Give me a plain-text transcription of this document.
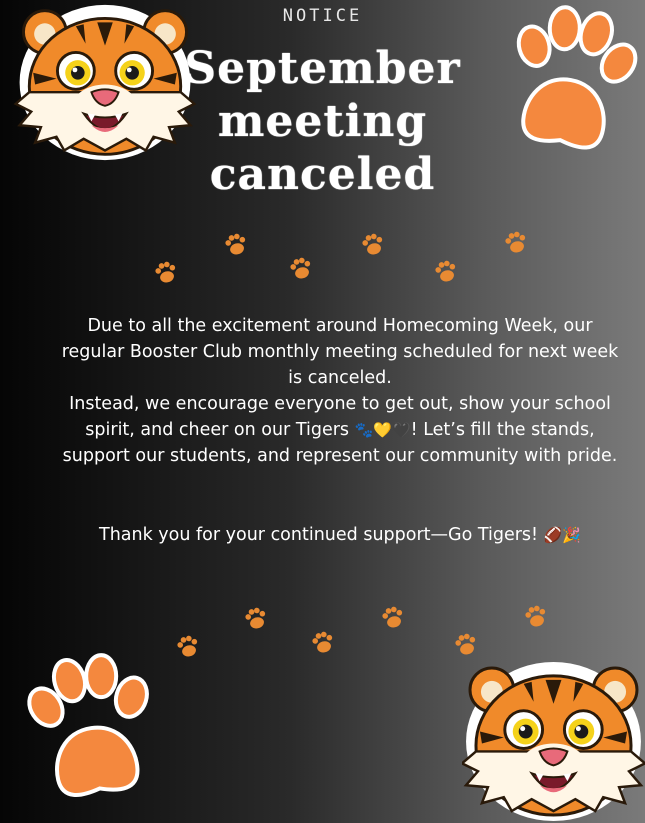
NOTICE
September
meeting
canceled

Due to all the excitement around Homecoming Week, our

regular Booster Club monthly meeting scheduled for next week

is canceled.

Instead, we encourage everyone to get out, show your school

spirit, and cheer on our Tigers 🐾💛🖤! Let’s fill the stands,

support our students, and represent our community with pride.

Thank you for your continued support—Go Tigers! 🏈🎉
